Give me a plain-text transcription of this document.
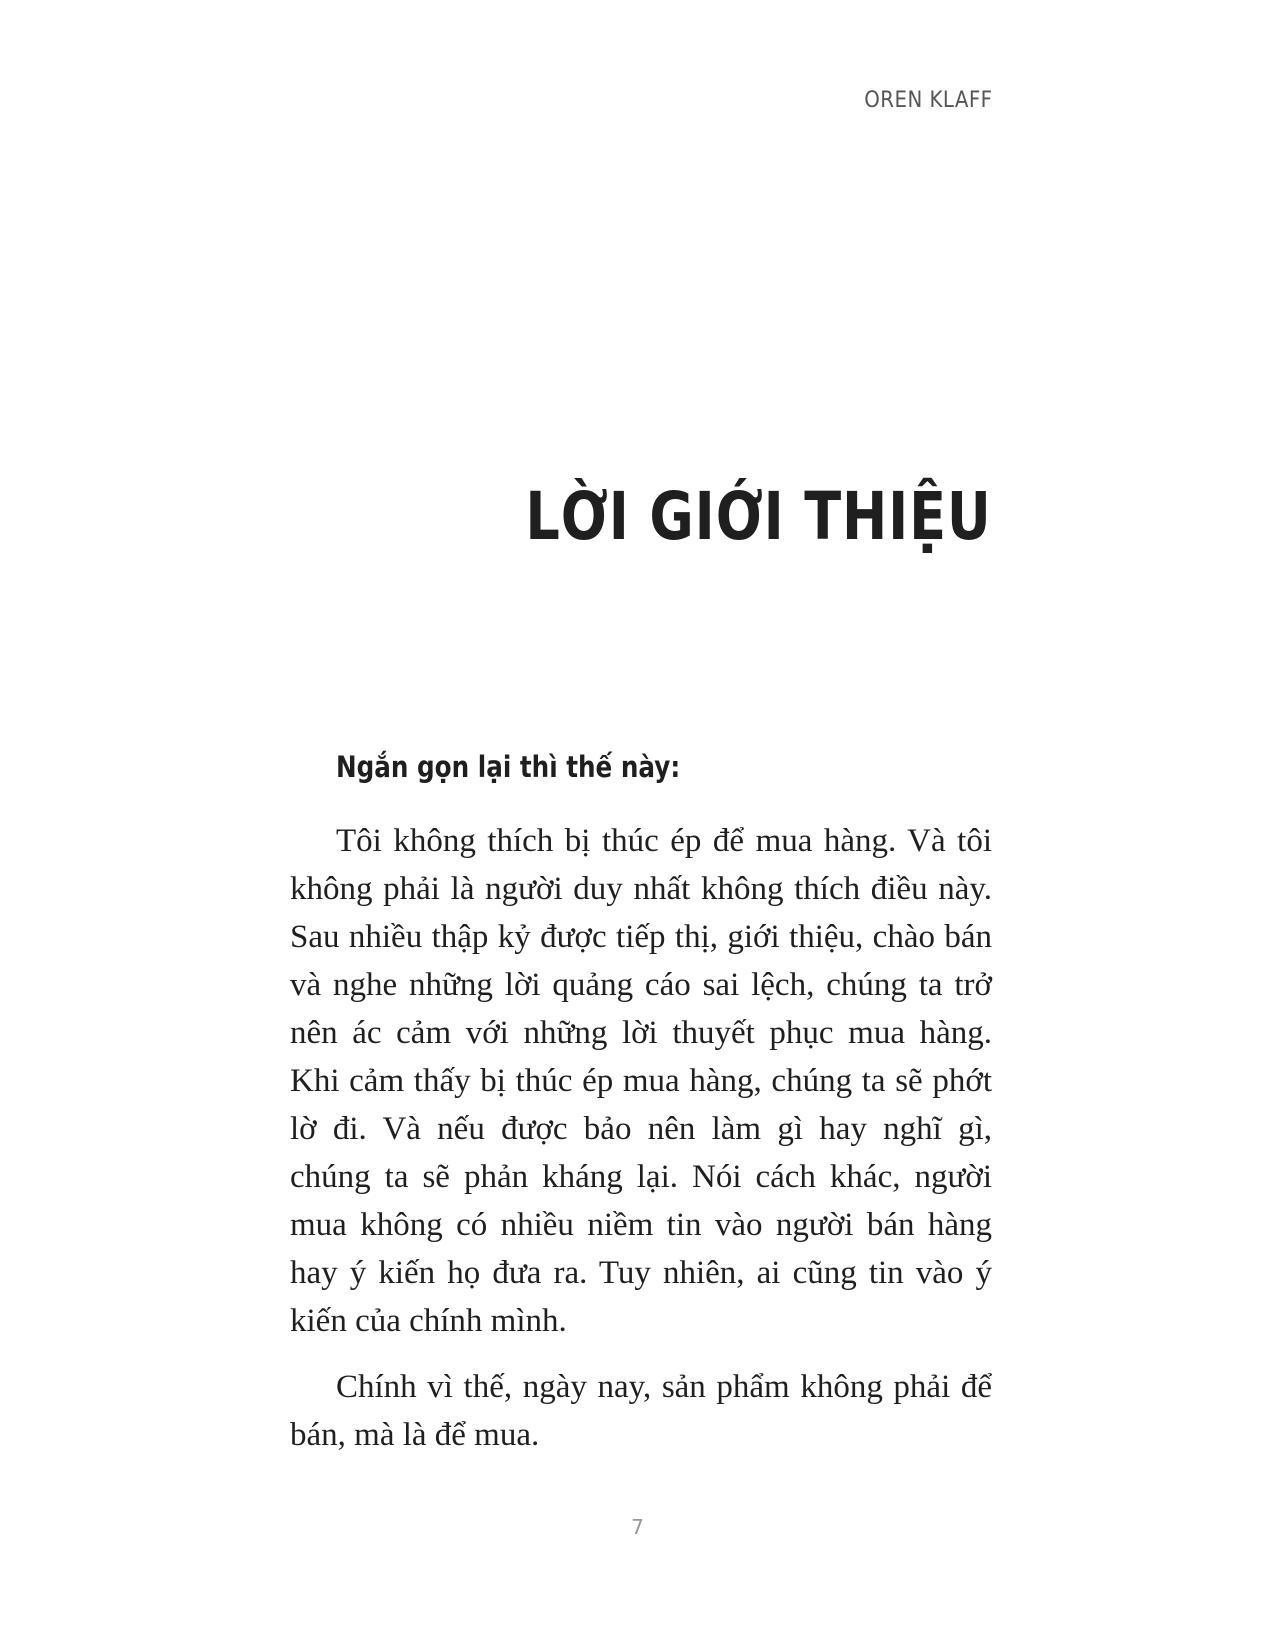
OREN KLAFF
LỜI GIỚI THIỆU
Ngắn gọn lại thì thế này:

Tôi không thích bị thúc ép để mua hàng. Và tôi không phải là người duy nhất không thích điều này. Sau nhiều thập kỷ được tiếp thị, giới thiệu, chào bán và nghe những lời quảng cáo sai lệch, chúng ta trở nên ác cảm với những lời thuyết phục mua hàng. Khi cảm thấy bị thúc ép mua hàng, chúng ta sẽ phớt lờ đi. Và nếu được bảo nên làm gì hay nghĩ gì, chúng ta sẽ phản kháng lại. Nói cách khác, người mua không có nhiều niềm tin vào người bán hàng hay ý kiến họ đưa ra. Tuy nhiên, ai cũng tin vào ý kiến của chính mình.

Chính vì thế, ngày nay, sản phẩm không phải để bán, mà là để mua.

7
